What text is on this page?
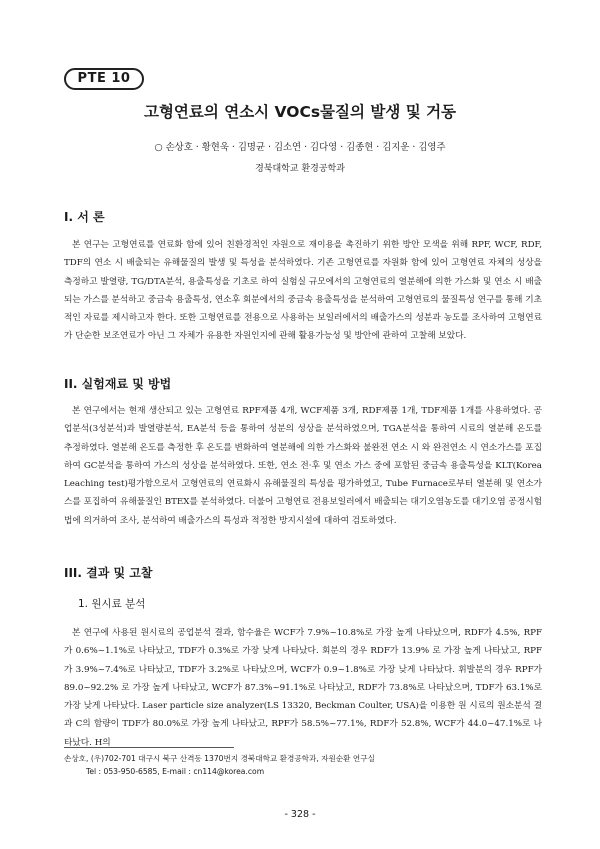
PTE 10
고형연료의 연소시 VOCs물질의 발생 및 거동
○ 손상호 · 황현욱 · 김명균 · 김소연 · 김다영 · 김종현 · 김지운 · 김영주
경북대학교 환경공학과
I. 서 론

본 연구는 고형연료를 연료화 함에 있어 친환경적인 자원으로 재이용을 촉진하기 위한 방안 모색을 위해 RPF, WCF, RDF, TDF의 연소 시 배출되는 유해물질의 발생 및 특성을 분석하였다. 기존 고형연료를 자원화 함에 있어 고형연료 자체의 성상을 측정하고 발열량, TG/DTA분석, 용출특성을 기초로 하여 실험실 규모에서의 고형연료의 열분해에 의한 가스화 및 연소 시 배출되는 가스를 분석하고 중금속 용출특성, 연소후 회분에서의 중금속 용출특성을 분석하여 고형연료의 물질특성 연구를 통해 기초적인 자료를 제시하고자 한다. 또한 고형연료를 전용으로 사용하는 보일러에서의 배출가스의 성분과 농도를 조사하여 고형연료가 단순한 보조연료가 아닌 그 자체가 유용한 자원인지에 관해 활용가능성 및 방안에 관하여 고찰해 보았다.

II. 실험재료 및 방법

본 연구에서는 현재 생산되고 있는 고형연료 RPF제품 4개, WCF제품 3개, RDF제품 1개, TDF제품 1개를 사용하였다. 공업분석(3성분석)과 발열량분석, EA분석 등을 통하여 성분의 성상을 분석하였으며, TGA분석을 통하여 시료의 열분해 온도를 추정하였다. 열분해 온도를 측정한 후 온도를 변화하여 열분해에 의한 가스화와 불완전 연소 시 와 완전연소 시 연소가스를 포집하여 GC분석을 통하여 가스의 성상을 분석하였다. 또한, 연소 전·후 및 연소 가스 중에 포함된 중금속 용출특성을 KLT(Korea Leaching test)평가함으로서 고형연료의 연료화시 유해물질의 특성을 평가하였고, Tube Furnace로부터 열분해 및 연소가스를 포집하여 유해물질인 BTEX를 분석하였다. 더불어 고형연료 전용보일러에서 배출되는 대기오염농도를 대기오염 공정시험법에 의거하여 조사, 분석하여 배출가스의 특성과 적정한 방지시설에 대하여 검토하였다.

III. 결과 및 고찰
1. 원시료 분석

본 연구에 사용된 원시료의 공업분석 결과, 함수율은 WCF가 7.9%~10.8%로 가장 높게 나타났으며, RDF가 4.5%, RPF가 0.6%~1.1%로 나타났고, TDF가 0.3%로 가장 낮게 나타났다. 회분의 경우 RDF가 13.9% 로 가장 높게 나타났고, RPF가 3.9%~7.4%로 나타났고, TDF가 3.2%로 나타났으며, WCF가 0.9~1.8%로 가장 낮게 나타났다. 휘발분의 경우 RPF가 89.0~92.2% 로 가장 높게 나타났고, WCF가 87.3%~91.1%로 나타났고, RDF가 73.8%로 나타났으며, TDF가 63.1%로 가장 낮게 나타났다. Laser particle size analyzer(LS 13320, Beckman Coulter, USA)을 이용한 원 시료의 원소분석 결과 C의 함량이 TDF가 80.0%로 가장 높게 나타났고, RPF가 58.5%~77.1%, RDF가 52.8%, WCF가 44.0~47.1%로 나타났다. H의

손상호, (우)702-701 대구시 북구 산격동 1370번지 경북대학교 환경공학과, 자원순환 연구실
Tel : 053-950-6585, E-mail : cn114@korea.com
- 328 -
